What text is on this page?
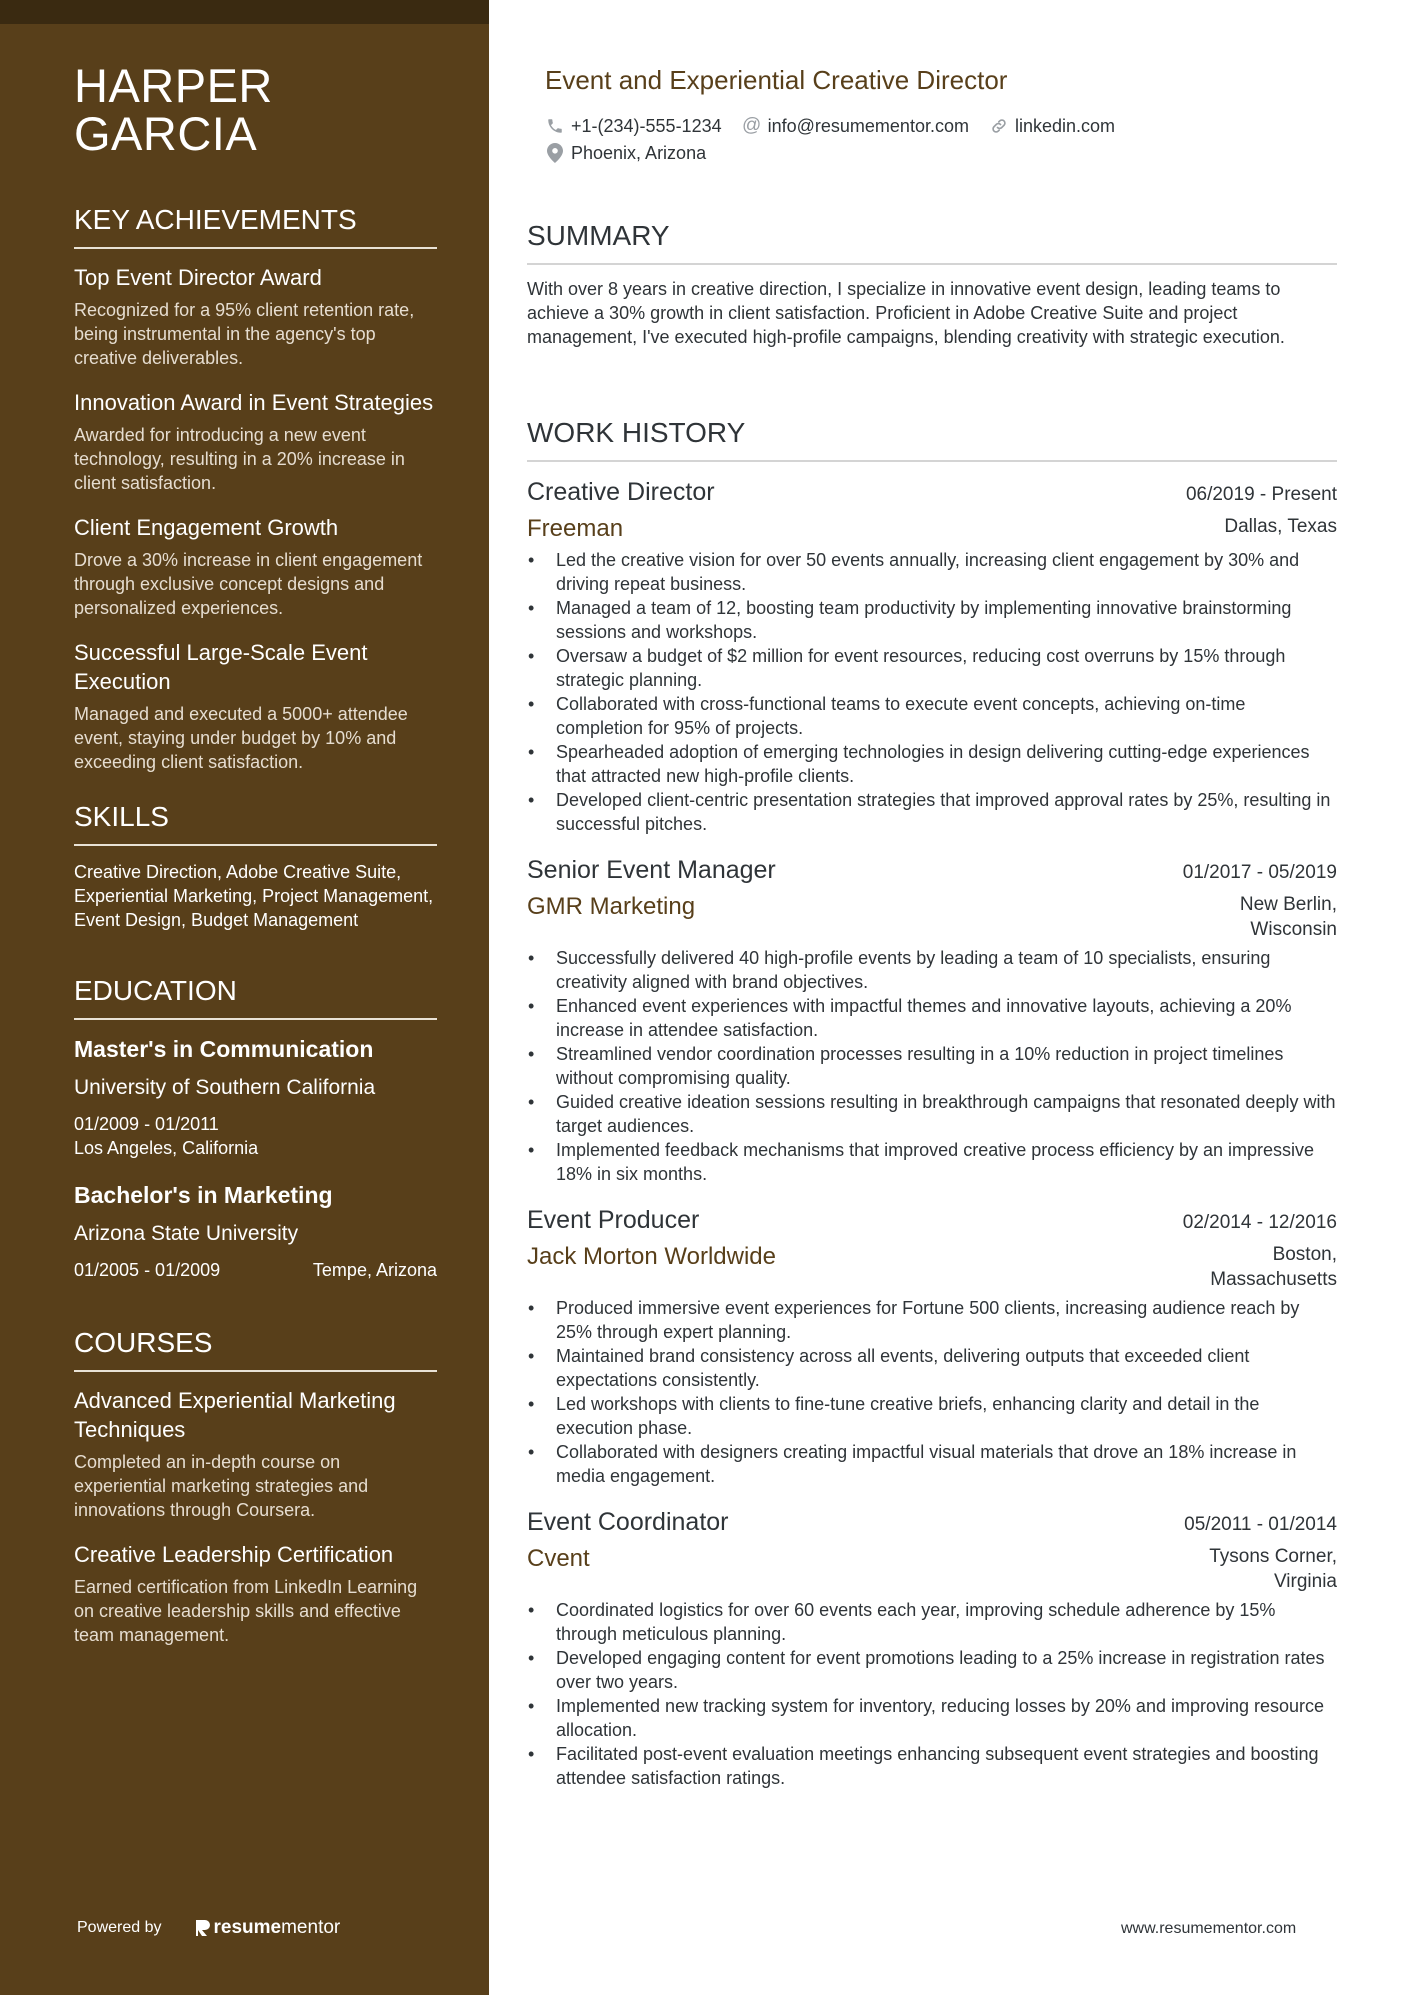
HARPER
GARCIA
KEY ACHIEVEMENTS
Top Event Director Award
Recognized for a 95% client retention rate, being instrumental in the agency's top creative deliverables.
Innovation Award in Event Strategies
Awarded for introducing a new event technology, resulting in a 20% increase in client satisfaction.
Client Engagement Growth
Drove a 30% increase in client engagement through exclusive concept designs and personalized experiences.
Successful Large-Scale Event Execution
Managed and executed a 5000+ attendee event, staying under budget by 10% and exceeding client satisfaction.
SKILLS
Creative Direction, Adobe Creative Suite, Experiential Marketing, Project Management, Event Design, Budget Management
EDUCATION
Master's in Communication
University of Southern California
01/2009 - 01/2011
Los Angeles, California
Bachelor's in Marketing
Arizona State University
01/2005 - 01/2009	Tempe, Arizona
COURSES
Advanced Experiential Marketing Techniques
Completed an in-depth course on experiential marketing strategies and innovations through Coursera.
Creative Leadership Certification
Earned certification from LinkedIn Learning on creative leadership skills and effective team management.
Powered by	resume mentor
Event and Experiential Creative Director
+1-(234)-555-1234 @ info@resumementor.com	linkedin.com
Phoenix, Arizona
SUMMARY
With over 8 years in creative direction, I specialize in innovative event design, leading teams to achieve a 30% growth in client satisfaction. Proficient in Adobe Creative Suite and project management, I've executed high-profile campaigns, blending creativity with strategic execution.
WORK HISTORY
Creative Director	06/2019 - Present
Freeman	Dallas, Texas
• Led the creative vision for over 50 events annually, increasing client engagement by 30% and driving repeat business.
• Managed a team of 12, boosting team productivity by implementing innovative brainstorming sessions and workshops.
• Oversaw a budget of $2 million for event resources, reducing cost overruns by 15% through strategic planning.
• Collaborated with cross-functional teams to execute event concepts, achieving on-time completion for 95% of projects.
• Spearheaded adoption of emerging technologies in design delivering cutting-edge experiences that attracted new high-profile clients.
• Developed client-centric presentation strategies that improved approval rates by 25%, resulting in successful pitches.
Senior Event Manager	01/2017 - 05/2019
GMR Marketing	New Berlin, Wisconsin
• Successfully delivered 40 high-profile events by leading a team of 10 specialists, ensuring creativity aligned with brand objectives.
• Enhanced event experiences with impactful themes and innovative layouts, achieving a 20% increase in attendee satisfaction.
• Streamlined vendor coordination processes resulting in a 10% reduction in project timelines without compromising quality.
• Guided creative ideation sessions resulting in breakthrough campaigns that resonated deeply with target audiences.
• Implemented feedback mechanisms that improved creative process efficiency by an impressive 18% in six months.
Event Producer	02/2014 - 12/2016
Jack Morton Worldwide	Boston, Massachusetts
• Produced immersive event experiences for Fortune 500 clients, increasing audience reach by 25% through expert planning.
• Maintained brand consistency across all events, delivering outputs that exceeded client expectations consistently.
• Led workshops with clients to fine-tune creative briefs, enhancing clarity and detail in the execution phase.
• Collaborated with designers creating impactful visual materials that drove an 18% increase in media engagement.
Event Coordinator	05/2011 - 01/2014
Cvent	Tysons Corner, Virginia
• Coordinated logistics for over 60 events each year, improving schedule adherence by 15% through meticulous planning.
• Developed engaging content for event promotions leading to a 25% increase in registration rates over two years.
• Implemented new tracking system for inventory, reducing losses by 20% and improving resource allocation.
• Facilitated post-event evaluation meetings enhancing subsequent event strategies and boosting attendee satisfaction ratings.
www.resumementor.com
